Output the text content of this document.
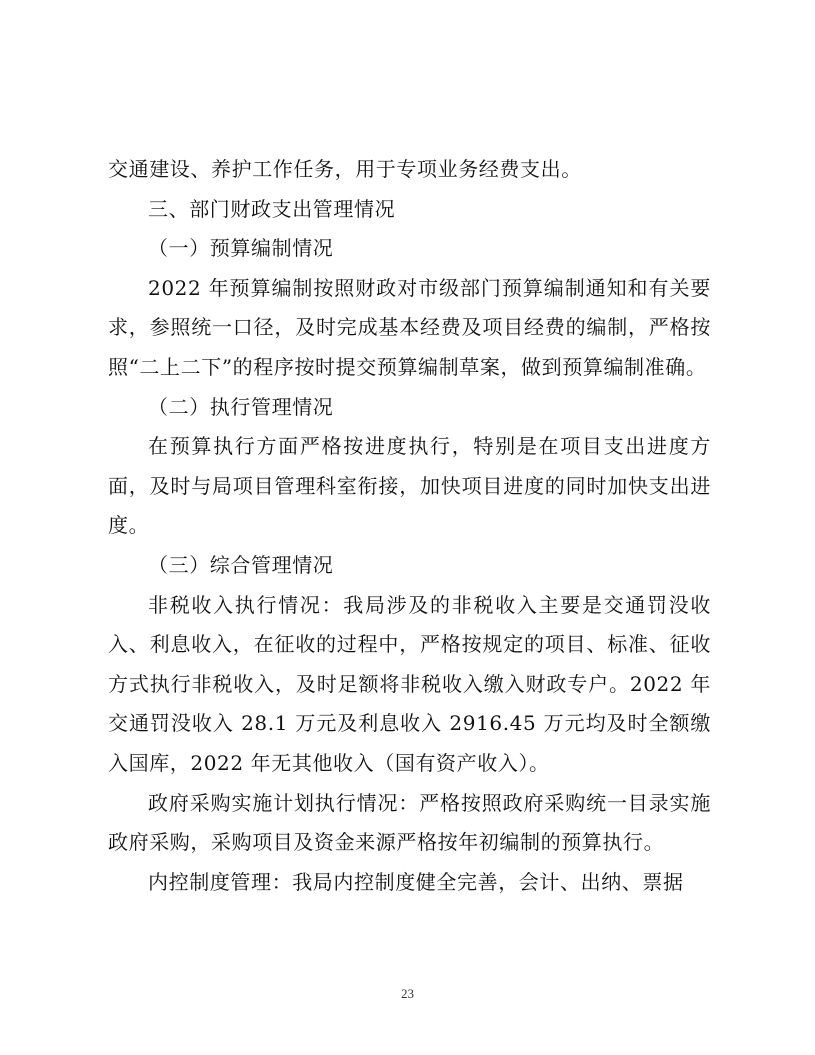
交通建设、养护工作任务，用于专项业务经费支出。

三、部门财政支出管理情况

（一）预算编制情况

2022 年预算编制按照财政对市级部门预算编制通知和有关要求，参照统一口径，及时完成基本经费及项目经费的编制，严格按照“二上二下”的程序按时提交预算编制草案，做到预算编制准确。

（二）执行管理情况

在预算执行方面严格按进度执行，特别是在项目支出进度方面，及时与局项目管理科室衔接，加快项目进度的同时加快支出进度。

（三）综合管理情况

非税收入执行情况：我局涉及的非税收入主要是交通罚没收入、利息收入，在征收的过程中，严格按规定的项目、标准、征收方式执行非税收入，及时足额将非税收入缴入财政专户。2022 年交通罚没收入 28.1 万元及利息收入 2916.45 万元均及时全额缴入国库，2022 年无其他收入（国有资产收入）。

政府采购实施计划执行情况：严格按照政府采购统一目录实施政府采购，采购项目及资金来源严格按年初编制的预算执行。

内控制度管理：我局内控制度健全完善，会计、出纳、票据

23
